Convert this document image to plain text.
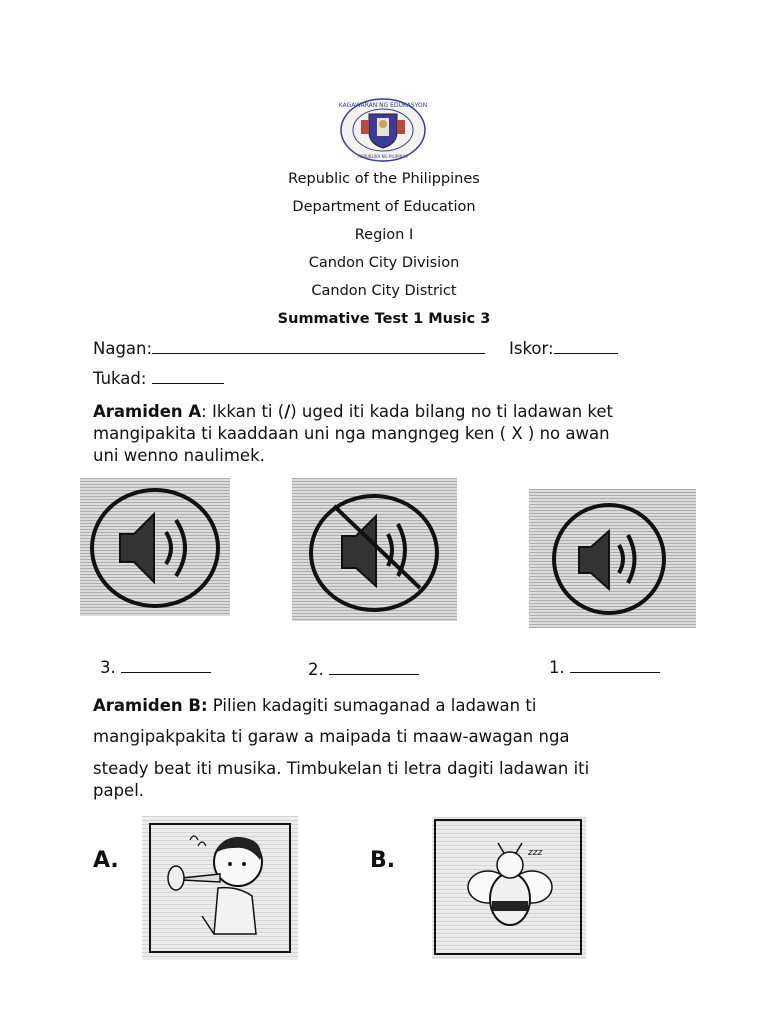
KAGAWARAN NG EDUKASYON
REPUBLIKA NG PILIPINAS
Republic of the Philippines
Department of Education
Region I
Candon City Division
Candon City District
Summative Test 1 Music 3
Nagan:	Iskor:
Tukad:
Aramiden A: Ikkan ti (/) uged iti kada bilang no ti ladawan ket
mangipakita ti kaaddaan uni nga mangngeg ken ( X ) no awan
uni wenno naulimek.
3.	2.	1.
Aramiden B: Pilien kadagiti sumaganad a ladawan ti
mangipakpakita ti garaw a maipada ti maaw-awagan nga
steady beat iti musika. Timbukelan ti letra dagiti ladawan iti
papel.
A.	B.	zzz
